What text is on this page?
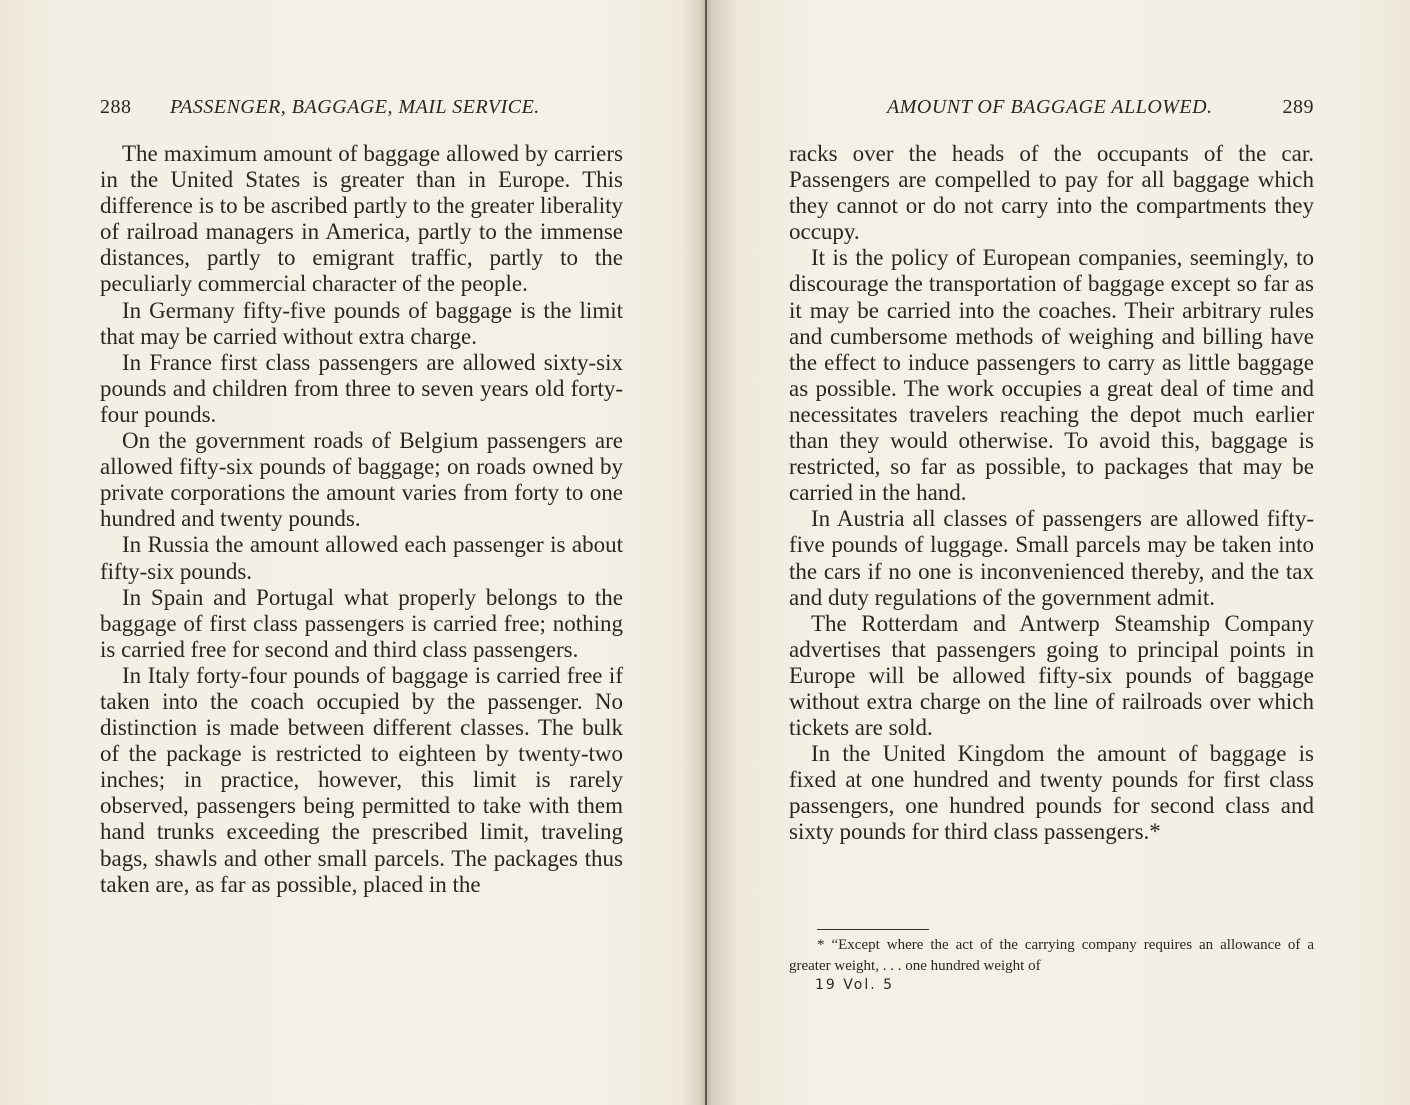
288 PASSENGER, BAGGAGE, MAIL SERVICE.

The maximum amount of baggage allowed by carriers in the United States is greater than in Europe. This difference is to be ascribed partly to the greater liberality of railroad managers in America, partly to the immense distances, partly to emigrant traffic, partly to the peculiarly commercial character of the people.

In Germany fifty-five pounds of baggage is the limit that may be carried without extra charge.

In France first class passengers are allowed sixty-six pounds and children from three to seven years old forty-four pounds.

On the government roads of Belgium passengers are allowed fifty-six pounds of baggage; on roads owned by private corporations the amount varies from forty to one hundred and twenty pounds.

In Russia the amount allowed each passenger is about fifty-six pounds.

In Spain and Portugal what properly belongs to the baggage of first class passengers is carried free; nothing is carried free for second and third class passengers.

In Italy forty-four pounds of baggage is carried free if taken into the coach occupied by the passenger. No distinction is made between different classes. The bulk of the package is restricted to eighteen by twenty-two inches; in practice, however, this limit is rarely observed, passengers being permitted to take with them hand trunks exceeding the prescribed limit, traveling bags, shawls and other small parcels. The packages thus taken are, as far as possible, placed in the

AMOUNT OF BAGGAGE ALLOWED.	289

racks over the heads of the occupants of the car. Passengers are compelled to pay for all baggage which they cannot or do not carry into the compartments they occupy.

It is the policy of European companies, seemingly, to discourage the transportation of baggage except so far as it may be carried into the coaches. Their arbitrary rules and cumbersome methods of weighing and billing have the effect to induce passengers to carry as little baggage as possible. The work occupies a great deal of time and necessitates travelers reaching the depot much earlier than they would otherwise. To avoid this, baggage is restricted, so far as possible, to packages that may be carried in the hand.

In Austria all classes of passengers are allowed fifty-five pounds of luggage. Small parcels may be taken into the cars if no one is inconvenienced thereby, and the tax and duty regulations of the government admit.

The Rotterdam and Antwerp Steamship Company advertises that passengers going to principal points in Europe will be allowed fifty-six pounds of baggage without extra charge on the line of railroads over which tickets are sold.

In the United Kingdom the amount of baggage is fixed at one hundred and twenty pounds for first class passengers, one hundred pounds for second class and sixty pounds for third class passengers.*

* “Except where the act of the carrying company requires an allowance of a greater weight, . . . one hundred weight of

19 Vol. 5
